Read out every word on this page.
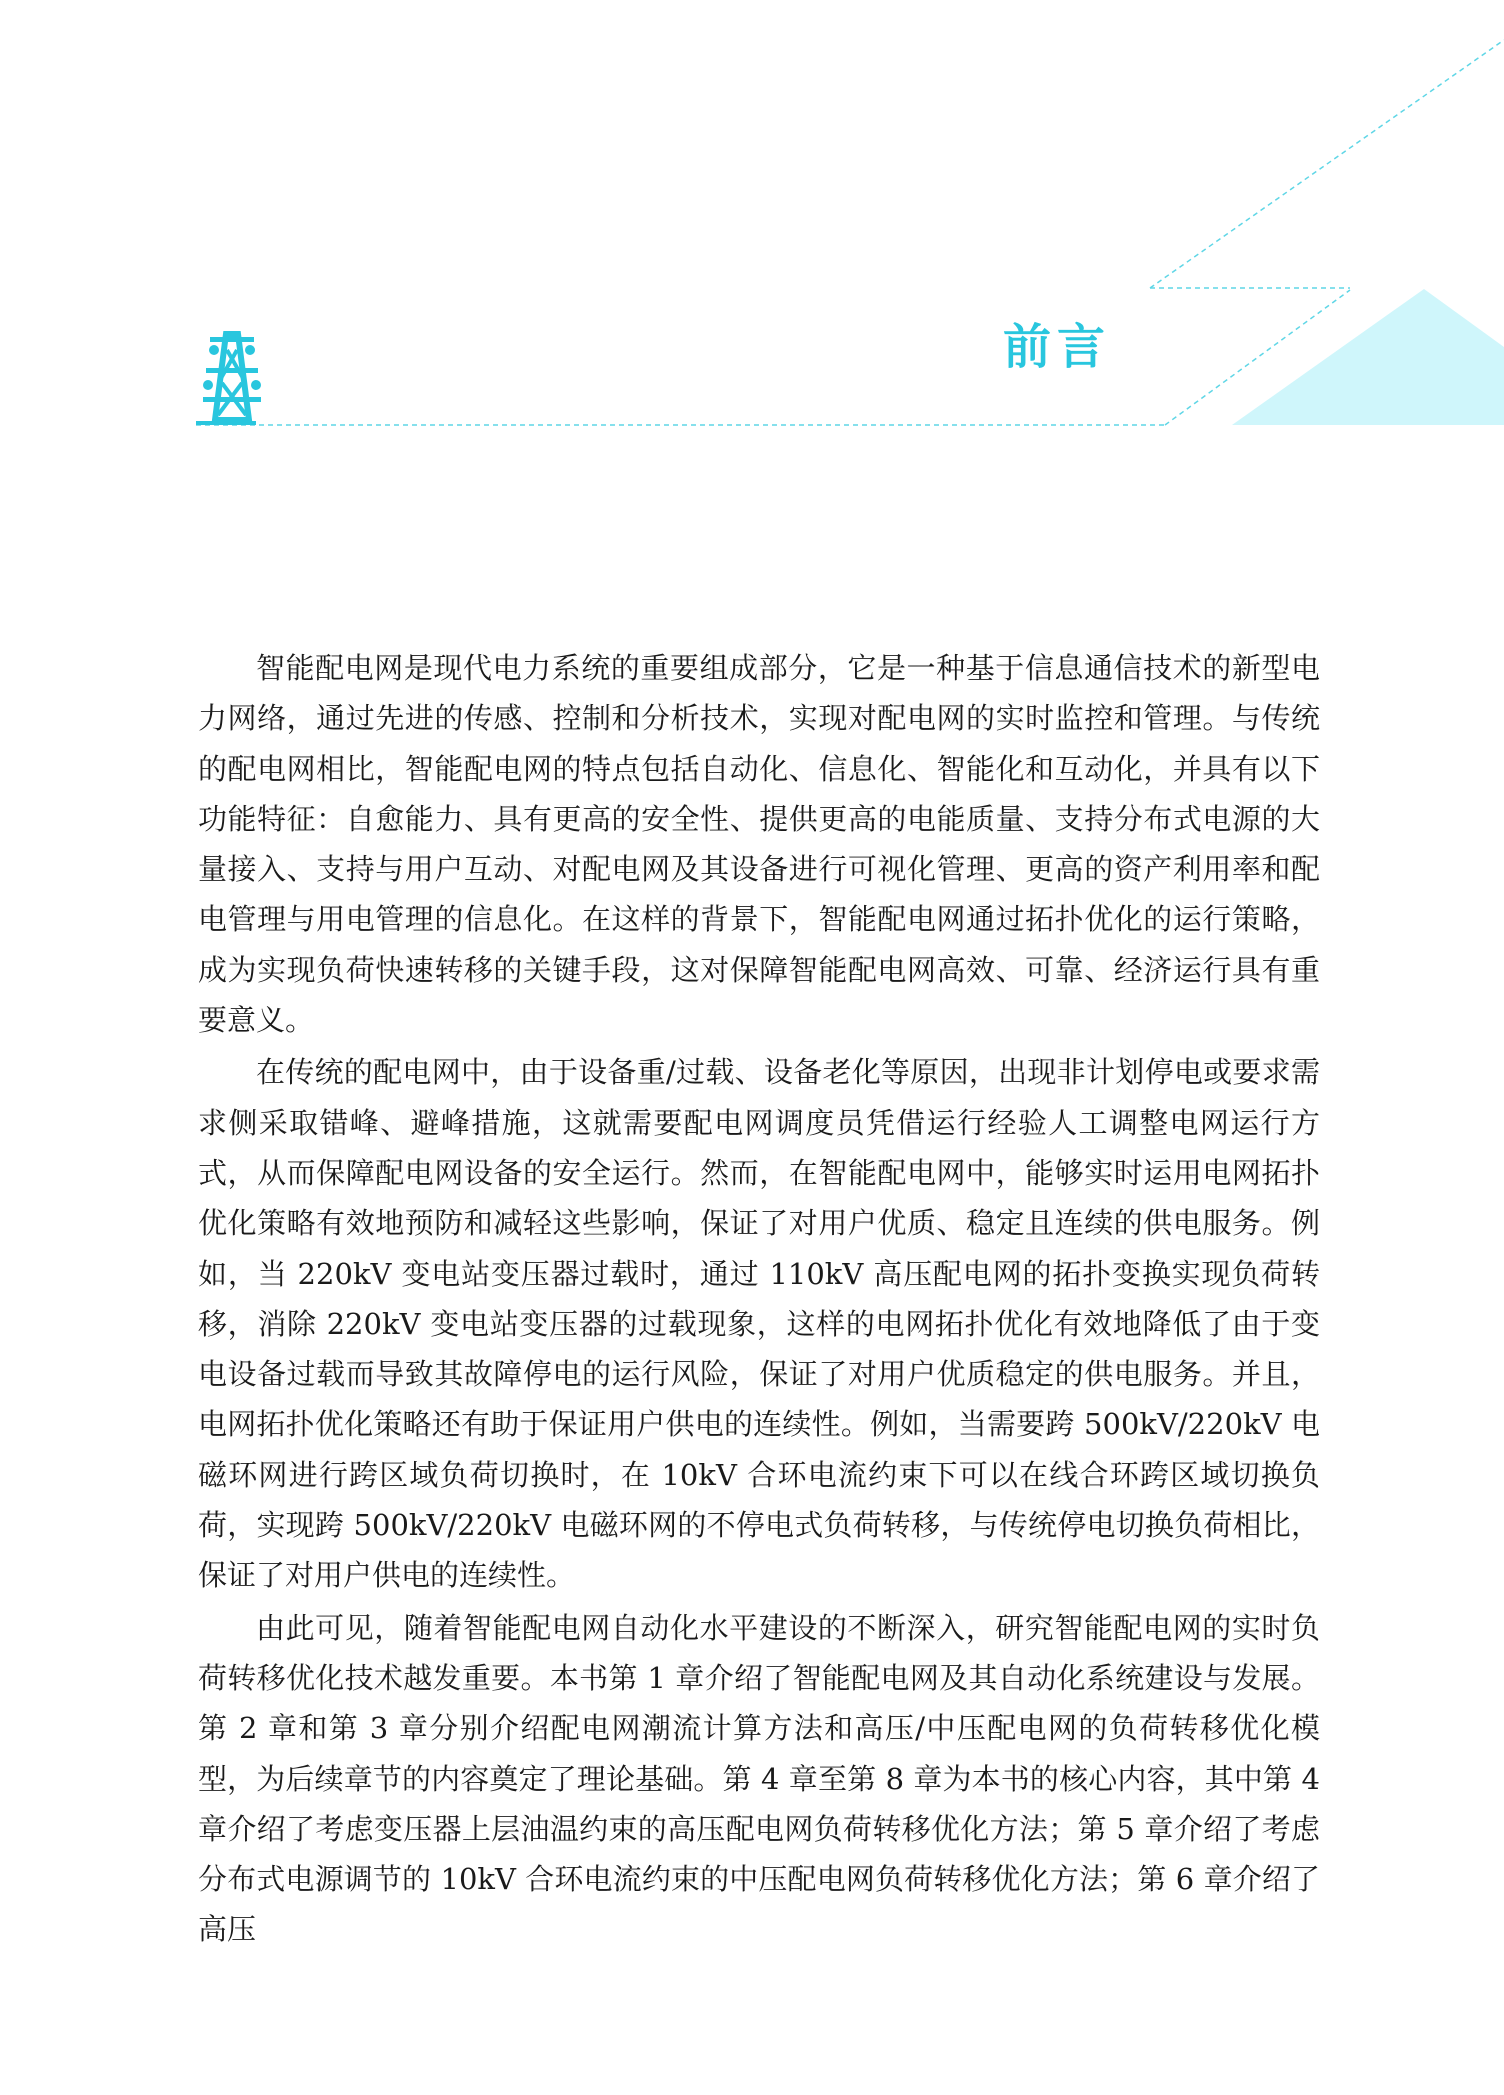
前言

智能配电网是现代电力系统的重要组成部分，它是一种基于信息通信技术的新型电力网络，通过先进的传感、控制和分析技术，实现对配电网的实时监控和管理。与传统的配电网相比，智能配电网的特点包括自动化、信息化、智能化和互动化，并具有以下功能特征：自愈能力、具有更高的安全性、提供更高的电能质量、支持分布式电源的大量接入、支持与用户互动、对配电网及其设备进行可视化管理、更高的资产利用率和配电管理与用电管理的信息化。在这样的背景下，智能配电网通过拓扑优化的运行策略，成为实现负荷快速转移的关键手段，这对保障智能配电网高效、可靠、经济运行具有重要意义。

在传统的配电网中，由于设备重/过载、设备老化等原因，出现非计划停电或要求需求侧采取错峰、避峰措施，这就需要配电网调度员凭借运行经验人工调整电网运行方式，从而保障配电网设备的安全运行。然而，在智能配电网中，能够实时运用电网拓扑优化策略有效地预防和减轻这些影响，保证了对用户优质、稳定且连续的供电服务。例如，当 220kV 变电站变压器过载时，通过 110kV 高压配电网的拓扑变换实现负荷转移，消除 220kV 变电站变压器的过载现象，这样的电网拓扑优化有效地降低了由于变电设备过载而导致其故障停电的运行风险，保证了对用户优质稳定的供电服务。并且，电网拓扑优化策略还有助于保证用户供电的连续性。例如，当需要跨 500kV/220kV 电磁环网进行跨区域负荷切换时，在 10kV 合环电流约束下可以在线合环跨区域切换负荷，实现跨 500kV/220kV 电磁环网的不停电式负荷转移，与传统停电切换负荷相比，保证了对用户供电的连续性。

由此可见，随着智能配电网自动化水平建设的不断深入，研究智能配电网的实时负荷转移优化技术越发重要。本书第 1 章介绍了智能配电网及其自动化系统建设与发展。第 2 章和第 3 章分别介绍配电网潮流计算方法和高压/中压配电网的负荷转移优化模型，为后续章节的内容奠定了理论基础。第 4 章至第 8 章为本书的核心内容，其中第 4 章介绍了考虑变压器上层油温约束的高压配电网负荷转移优化方法；第 5 章介绍了考虑分布式电源调节的 10kV 合环电流约束的中压配电网负荷转移优化方法；第 6 章介绍了高压
